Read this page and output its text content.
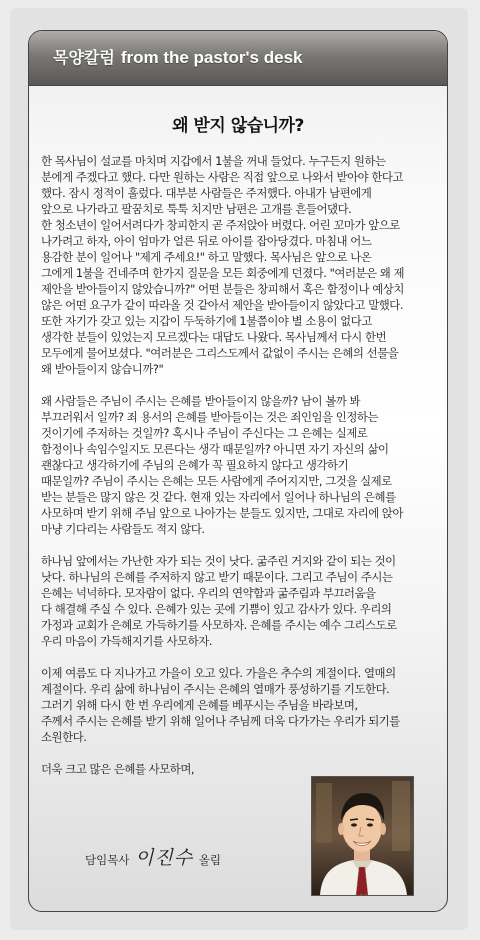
목양칼럼 from the pastor's desk
왜 받지 않습니까?

한 목사님이 설교를 마치며 지갑에서 1불을 꺼내 들었다. 누구든지 원하는
분에게 주겠다고 했다. 다만 원하는 사람은 직접 앞으로 나와서 받아야 한다고
했다. 잠시 정적이 흘렀다. 대부분 사람들은 주저했다. 아내가 남편에게
앞으로 나가라고 팔꿈치로 툭툭 치지만 남편은 고개를 흔들어댔다.
한 청소년이 일어서려다가 창피한지 곧 주저앉아 버렸다. 어린 꼬마가 앞으로
나가려고 하자, 아이 엄마가 얼른 뒤로 아이를 잡아당겼다. 마침내 어느
용감한 분이 일어나 "제게 주세요!" 하고 말했다. 목사님은 앞으로 나온
그에게 1불을 건네주며 한가지 질문을 모든 회중에게 던졌다. "여러분은 왜 제
제안을 받아들이지 않았습니까?" 어떤 분들은 창피해서 혹은 함정이나 예상치
않은 어떤 요구가 같이 따라올 것 같아서 제안을 받아들이지 않았다고 말했다.
또한 자기가 갖고 있는 지갑이 두둑하기에 1불쯤이야 별 소용이 없다고
생각한 분들이 있었는지 모르겠다는 대답도 나왔다. 목사님께서 다시 한번
모두에게 물어보셨다. "여러분은 그리스도께서 값없이 주시는 은혜의 선물을
왜 받아들이지 않습니까?"

왜 사람들은 주님이 주시는 은혜를 받아들이지 않을까? 남이 볼까 봐
부끄러워서 일까? 죄 용서의 은혜를 받아들이는 것은 죄인임을 인정하는
것이기에 주저하는 것일까? 혹시나 주님이 주신다는 그 은혜는 실제로
함정이나 속임수일지도 모른다는 생각 때문일까? 아니면 자기 자신의 삶이
괜찮다고 생각하기에 주님의 은혜가 꼭 필요하지 않다고 생각하기
때문일까? 주님이 주시는 은혜는 모든 사람에게 주어지지만, 그것을 실제로
받는 분들은 많지 않은 것 같다. 현재 있는 자리에서 일어나 하나님의 은혜를
사모하며 받기 위해 주님 앞으로 나아가는 분들도 있지만, 그대로 자리에 앉아
마냥 기다리는 사람들도 적지 않다.

하나님 앞에서는 가난한 자가 되는 것이 낫다. 굶주린 거지와 같이 되는 것이
낫다. 하나님의 은혜를 주저하지 않고 받기 때문이다. 그리고 주님이 주시는
은혜는 넉넉하다. 모자람이 없다. 우리의 연약함과 굶주림과 부끄러움을
다 해결해 주실 수 있다. 은혜가 있는 곳에 기쁨이 있고 감사가 있다. 우리의
가정과 교회가 은혜로 가득하기를 사모하자. 은혜를 주시는 예수 그리스도로
우리 마음이 가득해지기를 사모하자.

이제 여름도 다 지나가고 가을이 오고 있다. 가을은 추수의 계절이다. 열매의
계절이다. 우리 삶에 하나님이 주시는 은혜의 열매가 풍성하기를 기도한다.
그러기 위해 다시 한 번 우리에게 은혜를 베푸시는 주님을 바라보며,
주께서 주시는 은혜를 받기 위해 일어나 주님께 더욱 다가가는 우리가 되기를
소원한다.

더욱 크고 많은 은혜를 사모하며,

담임목사 이진수 올림
